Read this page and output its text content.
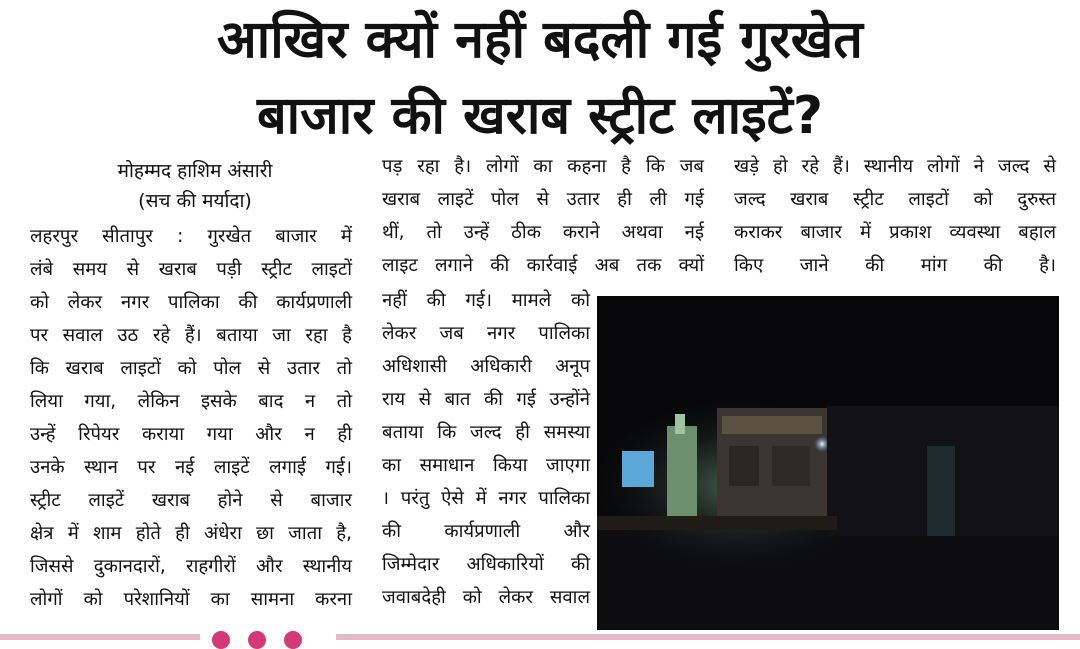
आखिर क्यों नहीं बदली गई गुरखेत
बाजार की खराब स्ट्रीट लाइटें?
मोहम्मद हाशिम अंसारी
(सच की मर्यादा)
लहरपुर सीतापुर : गुरखेत बाजार में
लंबे समय से खराब पड़ी स्ट्रीट लाइटों
को लेकर नगर पालिका की कार्यप्रणाली
पर सवाल उठ रहे हैं। बताया जा रहा है
कि खराब लाइटों को पोल से उतार तो
लिया गया, लेकिन इसके बाद न तो
उन्हें रिपेयर कराया गया और न ही
उनके स्थान पर नई लाइटें लगाई गई।
स्ट्रीट लाइटें खराब होने से बाजार
क्षेत्र में शाम होते ही अंधेरा छा जाता है,
जिससे दुकानदारों, राहगीरों और स्थानीय
लोगों को परेशानियों का सामना करना
पड़ रहा है। लोगों का कहना है कि जब
खराब लाइटें पोल से उतार ही ली गई
थीं, तो उन्हें ठीक कराने अथवा नई
लाइट लगाने की कार्रवाई अब तक क्यों
नहीं की गई। मामले को
लेकर जब नगर पालिका
अधिशासी अधिकारी अनूप
राय से बात की गई उन्होंने
बताया कि जल्द ही समस्या
का समाधान किया जाएगा
। परंतु ऐसे में नगर पालिका
की कार्यप्रणाली और
जिम्मेदार अधिकारियों की
जवाबदेही को लेकर सवाल
खड़े हो रहे हैं। स्थानीय लोगों ने जल्द से
जल्द खराब स्ट्रीट लाइटों को दुरुस्त
कराकर बाजार में प्रकाश व्यवस्था बहाल
किए जाने की मांग की है।
